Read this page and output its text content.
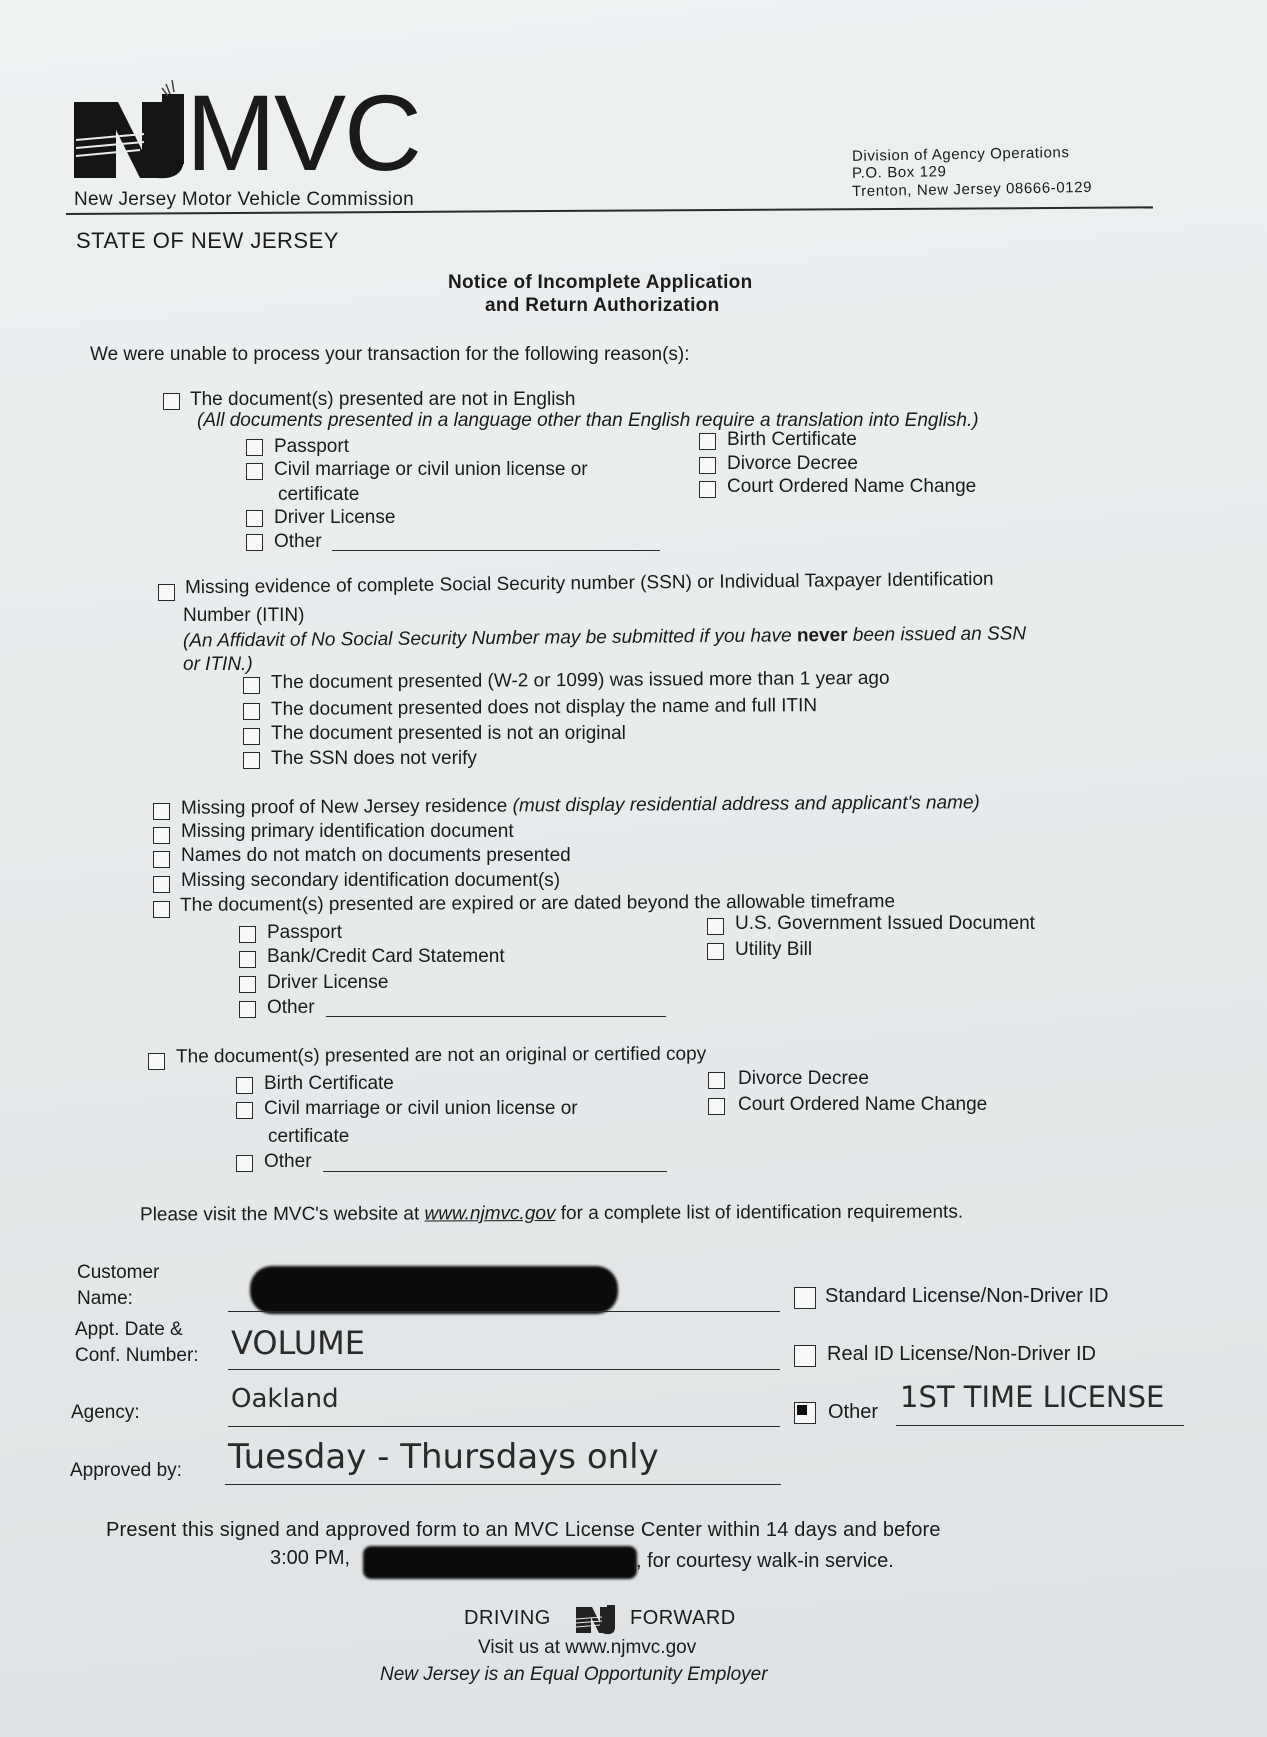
MVC
New Jersey Motor Vehicle Commission
Division of Agency Operations
P.O. Box 129
Trenton, New Jersey 08666-0129
STATE OF NEW JERSEY
Notice of Incomplete Application
and Return Authorization
We were unable to process your transaction for the following reason(s):
The document(s) presented are not in English
(All documents presented in a language other than English require a translation into English.)
Passport
Civil marriage or civil union license or
certificate
Driver License
Other
Birth Certificate
Divorce Decree
Court Ordered Name Change
Missing evidence of complete Social Security number (SSN) or Individual Taxpayer Identification
Number (ITIN)
(An Affidavit of No Social Security Number may be submitted if you have never been issued an SSN
or ITIN.)
The document presented (W-2 or 1099) was issued more than 1 year ago
The document presented does not display the name and full ITIN
The document presented is not an original
The SSN does not verify
Missing proof of New Jersey residence (must display residential address and applicant's name)
Missing primary identification document
Names do not match on documents presented
Missing secondary identification document(s)
The document(s) presented are expired or are dated beyond the allowable timeframe
Passport
Bank/Credit Card Statement
Driver License
Other
U.S. Government Issued Document
Utility Bill
The document(s) presented are not an original or certified copy
Birth Certificate
Civil marriage or civil union license or
certificate
Other
Divorce Decree
Court Ordered Name Change
Please visit the MVC's website at www.njmvc.gov for a complete list of identification requirements.
Customer
Name:
Appt. Date &
Conf. Number: VOLUME
Agency:	Oakland
Approved by: Tuesday - Thursdays only
Standard License/Non-Driver ID
Real ID License/Non-Driver ID
Other 1ST TIME LICENSE
Present this signed and approved form to an MVC License Center within 14 days and before
3:00 PM,	, for courtesy walk-in service.
DRIVING	FORWARD
Visit us at www.njmvc.gov
New Jersey is an Equal Opportunity Employer
